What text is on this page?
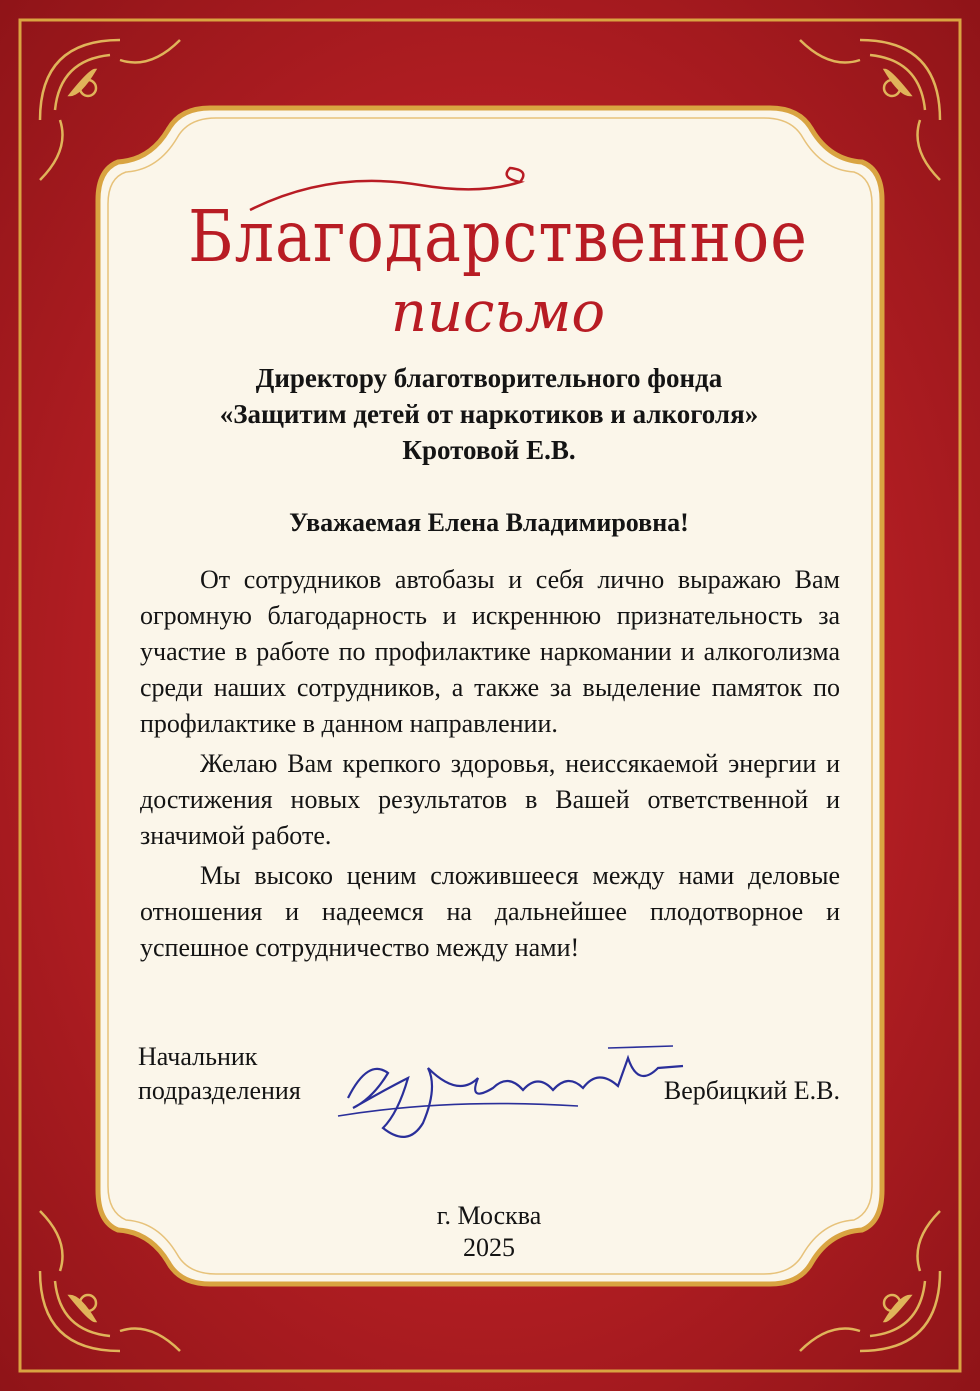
Благодарственное
письмо
Директору благотворительного фонда
«Защитим детей от наркотиков и алкоголя»
Кротовой Е.В.
Уважаемая Елена Владимировна!

От сотрудников автобазы и себя лично выражаю Вам огромную благодарность и искреннюю признательность за участие в работе по профилактике наркомании и алкоголизма среди наших сотрудников, а также за выделение памяток по профилактике в данном направлении.

Желаю Вам крепкого здоровья, неиссякаемой энергии и достижения новых результатов в Вашей ответственной и значимой работе.

Мы высоко ценим сложившееся между нами деловые отношения и надеемся на дальнейшее плодотворное и успешное сотрудничество между нами!

Начальник
подразделения	Вербицкий Е.В.
г. Москва
2025
